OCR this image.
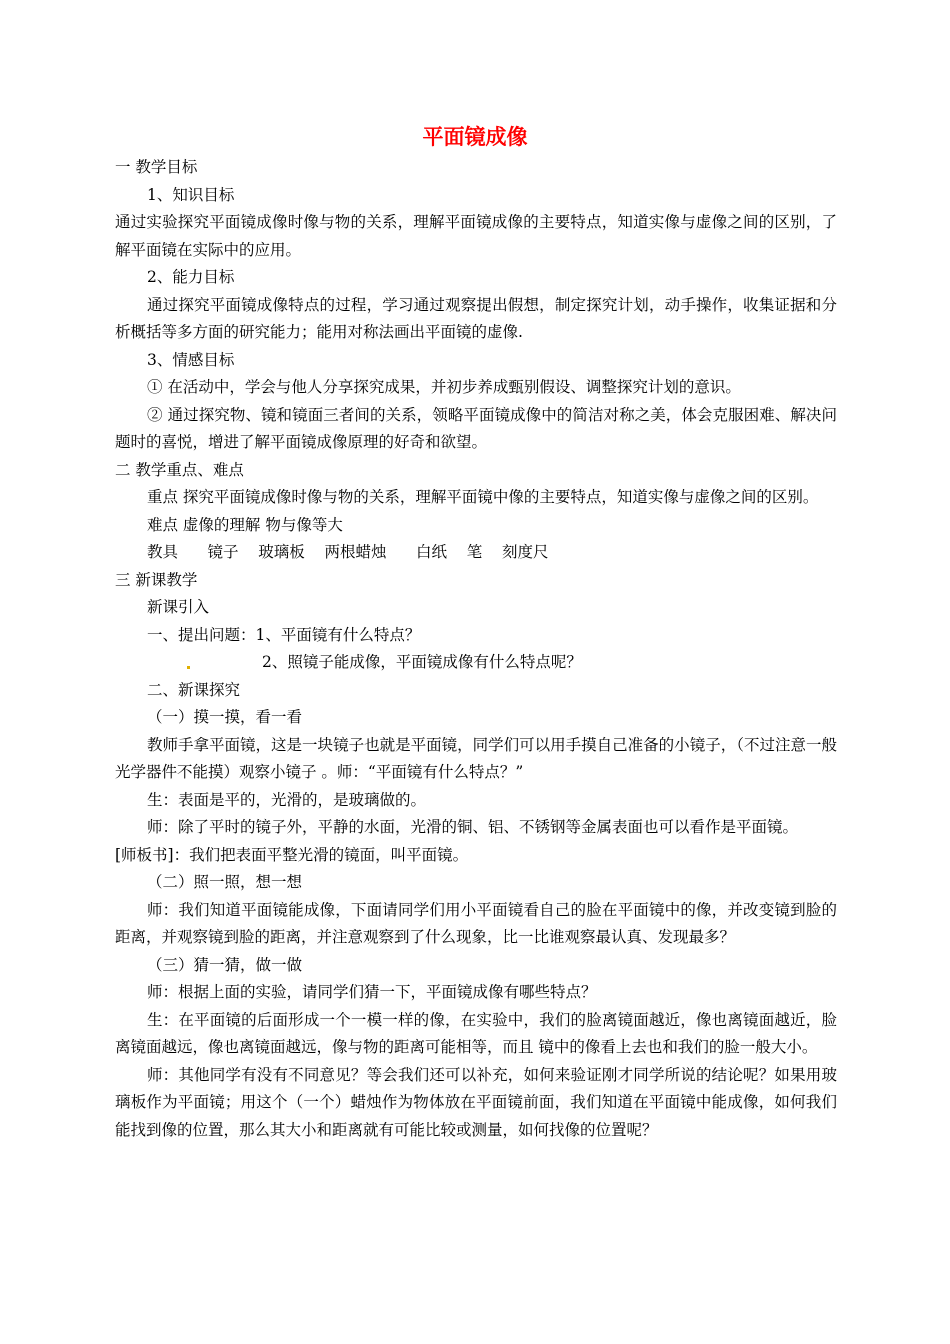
平面镜成像
一 教学目标
1、知识目标
通过实验探究平面镜成像时像与物的关系，理解平面镜成像的主要特点，知道实像与虚像之间的区别，了解平面镜在实际中的应用。
2、能力目标
通过探究平面镜成像特点的过程，学习通过观察提出假想，制定探究计划，动手操作，收集证据和分析概括等多方面的研究能力；能用对称法画出平面镜的虚像.
3、情感目标
① 在活动中，学会与他人分享探究成果，并初步养成甄别假设、调整探究计划的意识。
② 通过探究物、镜和镜面三者间的关系，领略平面镜成像中的简洁对称之美，体会克服困难、解决问题时的喜悦，增进了解平面镜成像原理的好奇和欲望。
二 教学重点、难点
重点 探究平面镜成像时像与物的关系，理解平面镜中像的主要特点，知道实像与虚像之间的区别。
难点 虚像的理解 物与像等大
教具      镜子    玻璃板    两根蜡烛      白纸    笔    刻度尺
三 新课教学
新课引入
一、提出问题：1、平面镜有什么特点？
2、照镜子能成像，平面镜成像有什么特点呢？
二、新课探究
（一）摸一摸，看一看
教师手拿平面镜，这是一块镜子也就是平面镜，同学们可以用手摸自己准备的小镜子，（不过注意一般光学器件不能摸）观察小镜子 。师：“平面镜有什么特点？”
生：表面是平的，光滑的，是玻璃做的。
师：除了平时的镜子外，平静的水面，光滑的铜、铝、不锈钢等金属表面也可以看作是平面镜。
[师板书]：我们把表面平整光滑的镜面，叫平面镜。
（二）照一照，想一想
师：我们知道平面镜能成像，下面请同学们用小平面镜看自己的脸在平面镜中的像，并改变镜到脸的距离，并观察镜到脸的距离，并注意观察到了什么现象，比一比谁观察最认真、发现最多？
（三）猜一猜，做一做
师：根据上面的实验，请同学们猜一下，平面镜成像有哪些特点？
生：在平面镜的后面形成一个一模一样的像，在实验中，我们的脸离镜面越近，像也离镜面越近，脸离镜面越远，像也离镜面越远，像与物的距离可能相等，而且 镜中的像看上去也和我们的脸一般大小。
师：其他同学有没有不同意见？等会我们还可以补充，如何来验证刚才同学所说的结论呢？如果用玻璃板作为平面镜；用这个（一个）蜡烛作为物体放在平面镜前面，我们知道在平面镜中能成像，如何我们能找到像的位置，那么其大小和距离就有可能比较或测量，如何找像的位置呢？
